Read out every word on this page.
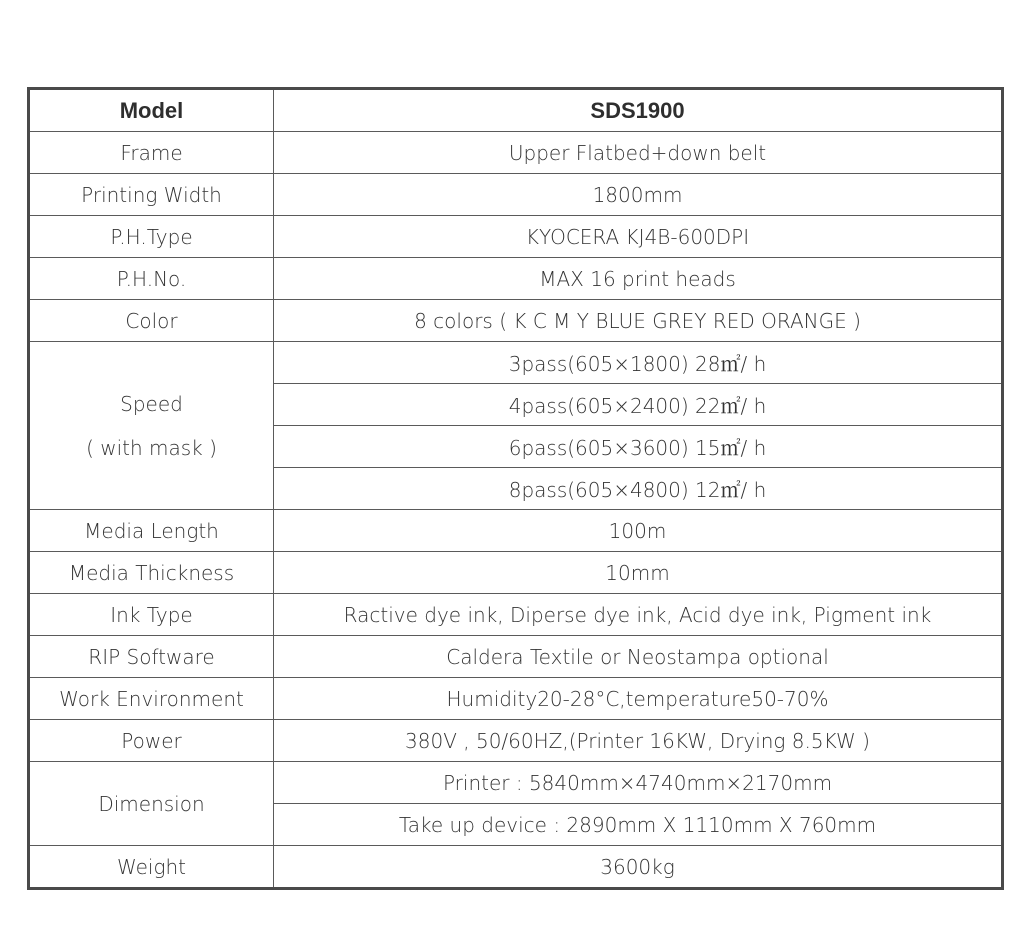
Model	SDS1900
Frame	Upper Flatbed+down belt
Printing Width	1800mm
P.H.Type	KYOCERA KJ4B-600DPI
P.H.No.	MAX 16 print heads
Color	8 colors ( K C M Y BLUE GREY RED ORANGE )

Speed
( with mask )	3pass(605×1800) 28㎡/ h
	4pass(605×2400) 22㎡/ h
	6pass(605×3600) 15㎡/ h
	8pass(605×4800) 12㎡/ h
Media Length	100m
Media Thickness	10mm
Ink Type	Ractive dye ink, Diperse dye ink, Acid dye ink, Pigment ink
RIP Software	Caldera Textile or Neostampa optional
Work Environment	Humidity20-28°C,temperature50-70%
Power	380V , 50/60HZ,(Printer 16KW, Drying 8.5KW )
Dimension	Printer : 5840mm×4740mm×2170mm
	Take up device : 2890mm X 1110mm X 760mm
Weight	3600kg
